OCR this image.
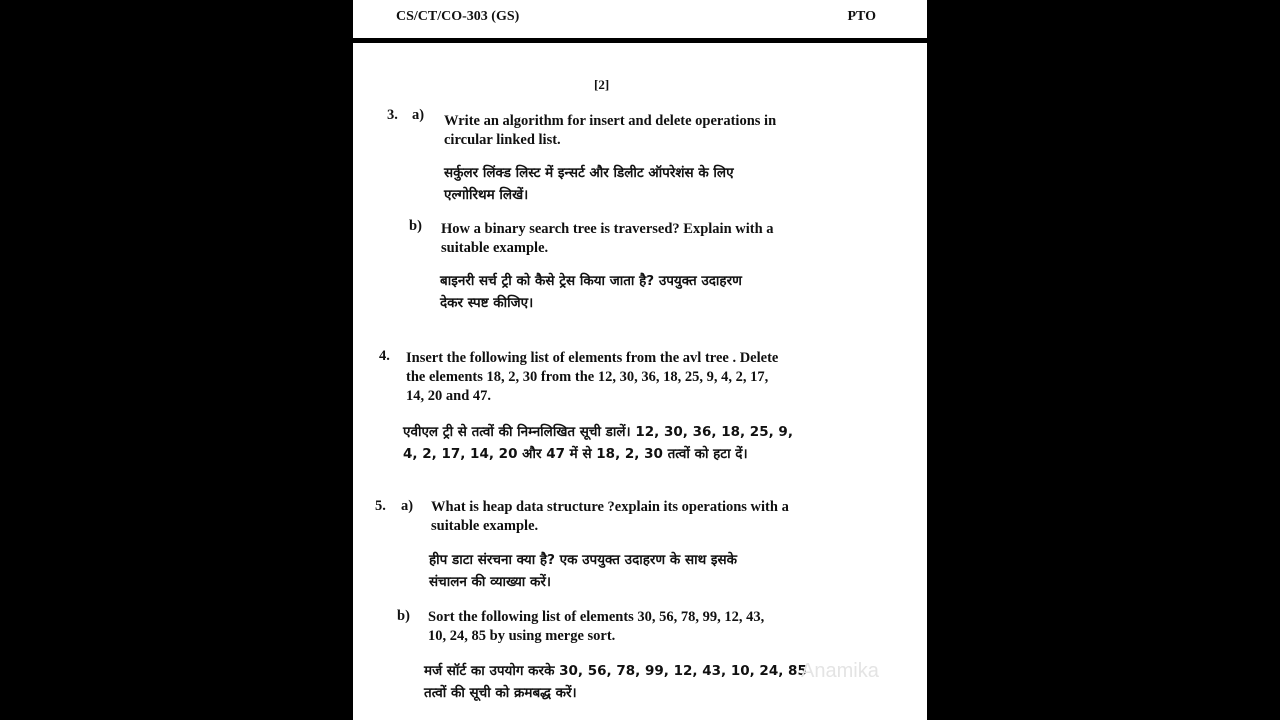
CS/CT/CO-303 (GS)	PTO
[2]
3. a) Write an algorithm for insert and delete operations in
circular linked list.
सर्कुलर लिंक्ड लिस्ट में इन्सर्ट और डिलीट ऑपरेशंस के लिए
एल्गोरिथम लिखें।
b) How a binary search tree is traversed? Explain with a
suitable example.
बाइनरी सर्च ट्री को कैसे ट्रेस किया जाता है? उपयुक्त उदाहरण
देकर स्पष्ट कीजिए।
4. Insert the following list of elements from the avl tree . Delete
the elements 18, 2, 30 from the 12, 30, 36, 18, 25, 9, 4, 2, 17,
14, 20 and 47.
एवीएल ट्री से तत्वों की निम्नलिखित सूची डालें। 12, 30, 36, 18, 25, 9,
4, 2, 17, 14, 20 और 47 में से 18, 2, 30 तत्वों को हटा दें।
5. a) What is heap data structure ?explain its operations with a
suitable example.
हीप डाटा संरचना क्या है? एक उपयुक्त उदाहरण के साथ इसके
संचालन की व्याख्या करें।
b) Sort the following list of elements 30, 56, 78, 99, 12, 43,
10, 24, 85 by using merge sort.
मर्ज सॉर्ट का उपयोग करके 30, 56, 78, 99, 12, 43, 10, 24, 85
तत्वों की सूची को क्रमबद्ध करें।
Anamika
